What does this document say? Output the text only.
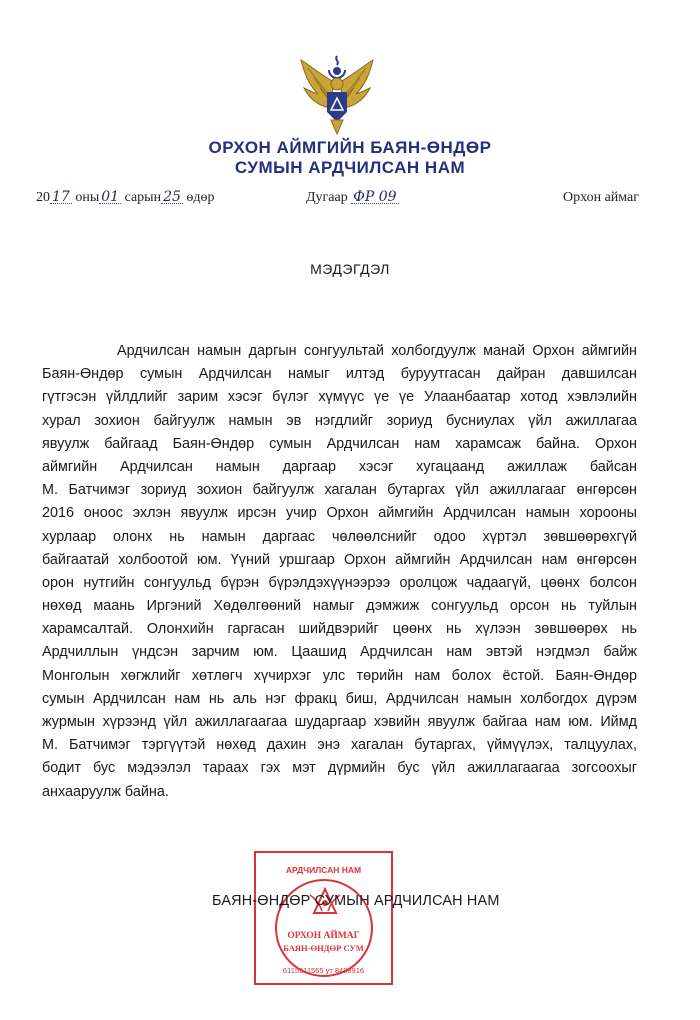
ОРХОН АЙМГИЙН БАЯН-ӨНДӨР
СУМЫН АРДЧИЛСАН НАМ
20 17 оны 01 сарын 25 өдөр	Дугаар ФР 09	Орхон аймаг
МЭДЭГДЭЛ
Ардчилсан намын даргын сонгуультай холбогдуулж манай Орхон аймгийн
Баян-Өндөр сумын Ардчилсан намыг илтэд буруутгасан дайран давшилсан
гүтгэсэн үйлдлийг зарим хэсэг бүлэг хүмүүс үе үе Улаанбаатар хотод хэвлэлийн
хурал зохион байгуулж намын эв нэгдлийг зориуд бусниулах үйл ажиллагаа
явуулж байгаад Баян-Өндөр сумын Ардчилсан нам харамсаж байна. Орхон
аймгийн Ардчилсан намын даргаар хэсэг хугацаанд ажиллаж байсан
М. Батчимэг зориуд зохион байгуулж хагалан бутаргах үйл ажиллагааг өнгөрсөн
2016 оноос эхлэн явуулж ирсэн учир Орхон аймгийн Ардчилсан намын хорооны
хурлаар олонх нь намын даргаас чөлөөлснийг одоо хүртэл зөвшөөрөхгүй
байгаатай холбоотой юм. Үүний уршгаар Орхон аймгийн Ардчилсан нам өнгөрсөн
орон нутгийн сонгуульд бүрэн бүрэлдэхүүнээрээ оролцож чадаагүй, цөөнх болсон
нөхөд маань Иргэний Хөдөлгөөний намыг дэмжиж сонгуульд орсон нь туйлын
харамсалтай. Олонхийн гаргасан шийдвэрийг цөөнх нь хүлээн зөвшөөрөх нь
Ардчиллын үндсэн зарчим юм. Цаашид Ардчилсан нам эвтэй нэгдмэл байж
Монголын хөгжлийг хөтлөгч хүчирхэг улс төрийн нам болох ёстой. Баян-Өндөр
сумын Ардчилсан нам нь аль нэг фракц биш, Ардчилсан намын холбогдох дүрэм
журмын хүрээнд үйл ажиллагаагаа шударгаар хэвийн явуулж байгаа нам юм. Иймд
М. Батчимэг тэргүүтэй нөхөд дахин энэ хагалан бутаргах, үймүүлэх, талцуулах,
бодит бус мэдээлэл тараах гэх мэт дүрмийн бус үйл ажиллагаагаа зогсоохыг
анхааруулж байна.
АРДЧИЛСАН НАМ
ОРХОН АЙМАГ
БАЯН-ӨНДӨР СУМ
6115211565 ут 8488916
БАЯН-ӨНДӨР СУМЫН АРДЧИЛСАН НАМ
